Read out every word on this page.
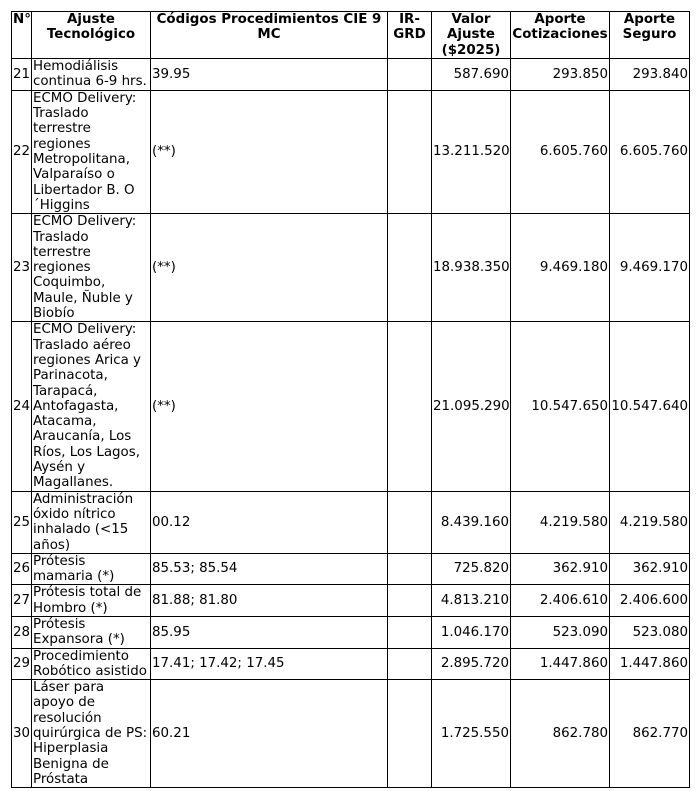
N°	Ajuste Tecnológico	Códigos Procedimientos CIE 9 MC	IR-GRD	Valor Ajuste ($2025)	Aporte Cotizaciones	Aporte Seguro
21	Hemodiálisis continua 6-9 hrs.	39.95		587.690	293.850	293.840
22	ECMO Delivery: Traslado terrestre regiones Metropolitana, Valparaíso o Libertador B. O ´Higgins	(**)		13.211.520	6.605.760	6.605.760
23	ECMO Delivery: Traslado terrestre regiones Coquimbo, Maule, Ñuble y Biobío	(**)		18.938.350	9.469.180	9.469.170
24	ECMO Delivery: Traslado aéreo regiones Arica y Parinacota, Tarapacá, Antofagasta, Atacama, Araucanía, Los Ríos, Los Lagos, Aysén y Magallanes.	(**)		21.095.290	10.547.650	10.547.640
25	Administración óxido nítrico inhalado (<15 años)	00.12		8.439.160	4.219.580	4.219.580
26	Prótesis mamaria (*)	85.53; 85.54		725.820	362.910	362.910
27	Prótesis total de Hombro (*)	81.88; 81.80		4.813.210	2.406.610	2.406.600
28	Prótesis Expansora (*)	85.95		1.046.170	523.090	523.080
29	Procedimiento Robótico asistido	17.41; 17.42; 17.45		2.895.720	1.447.860	1.447.860
30	Láser para apoyo de resolución quirúrgica de PS: Hiperplasia Benigna de Próstata	60.21		1.725.550	862.780	862.770
